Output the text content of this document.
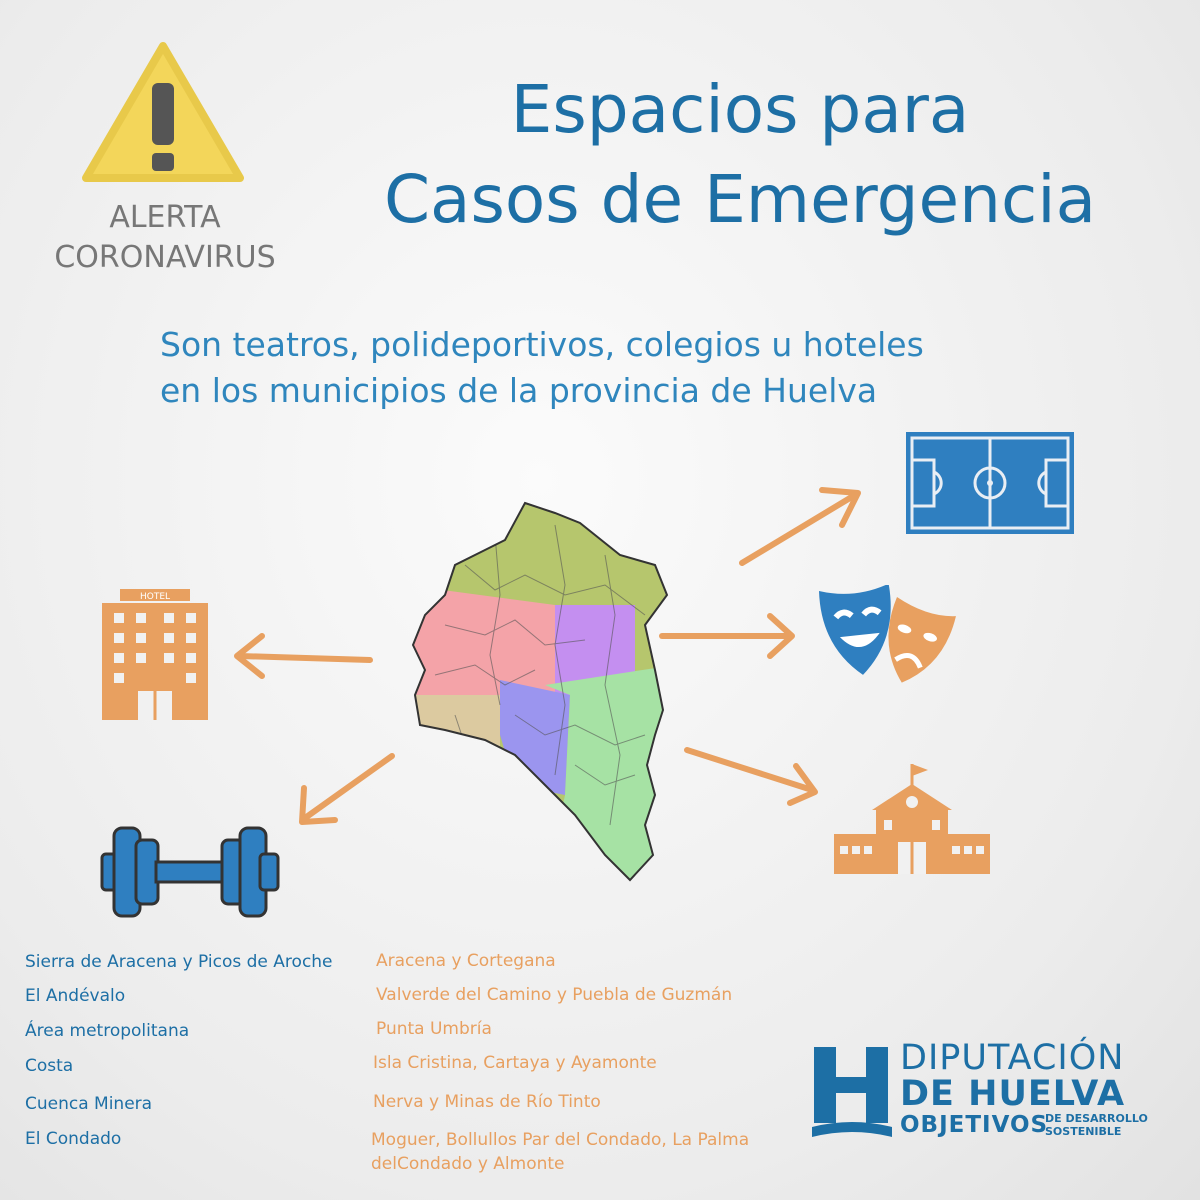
ALERTA
CORONAVIRUS
Espacios para
Casos de Emergencia
Son teatros, polideportivos, colegios u hoteles
en los municipios de la provincia de Huelva
HOTEL
Sierra de Aracena y Picos de Aroche
El Andévalo
Área metropolitana
Costa
Cuenca Minera
El Condado
Aracena y Cortegana
Valverde del Camino y Puebla de Guzmán
Punta Umbría
Isla Cristina, Cartaya y Ayamonte
Nerva y Minas de Río Tinto
Moguer, Bollullos Par del Condado, La Palma
delCondado y Almonte
DIPUTACIÓN
DE HUELVA
OBJETIVOS
DE DESARROLLO
SOSTENIBLE
